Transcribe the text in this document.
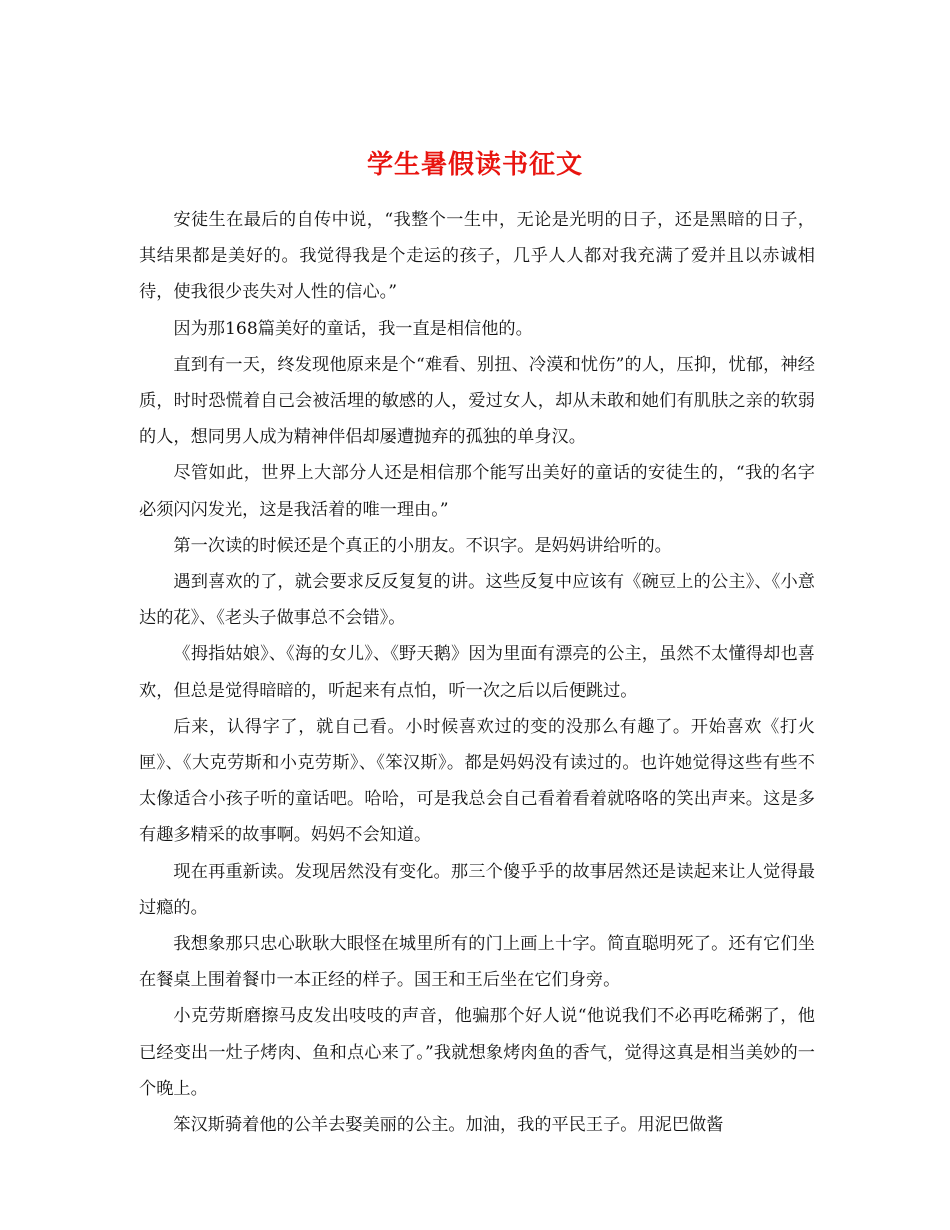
学生暑假读书征文

安徒生在最后的自传中说，“我整个一生中，无论是光明的日子，还是黑暗的日子，其结果都是美好的。我觉得我是个走运的孩子，几乎人人都对我充满了爱并且以赤诚相待，使我很少丧失对人性的信心。”

因为那168篇美好的童话，我一直是相信他的。

直到有一天，终发现他原来是个“难看、别扭、冷漠和忧伤”的人，压抑，忧郁，神经质，时时恐慌着自己会被活埋的敏感的人，爱过女人，却从未敢和她们有肌肤之亲的软弱的人，想同男人成为精神伴侣却屡遭抛弃的孤独的单身汉。

尽管如此，世界上大部分人还是相信那个能写出美好的童话的安徒生的，“我的名字必须闪闪发光，这是我活着的唯一理由。”

第一次读的时候还是个真正的小朋友。不识字。是妈妈讲给听的。

遇到喜欢的了，就会要求反反复复的讲。这些反复中应该有《碗豆上的公主》、《小意达的花》、《老头子做事总不会错》。

《拇指姑娘》、《海的女儿》、《野天鹅》因为里面有漂亮的公主，虽然不太懂得却也喜欢，但总是觉得暗暗的，听起来有点怕，听一次之后以后便跳过。

后来，认得字了，就自己看。小时候喜欢过的变的没那么有趣了。开始喜欢《打火匣》、《大克劳斯和小克劳斯》、《笨汉斯》。都是妈妈没有读过的。也许她觉得这些有些不太像适合小孩子听的童话吧。哈哈，可是我总会自己看着看着就咯咯的笑出声来。这是多有趣多精采的故事啊。妈妈不会知道。

现在再重新读。发现居然没有变化。那三个傻乎乎的故事居然还是读起来让人觉得最过瘾的。

我想象那只忠心耿耿大眼怪在城里所有的门上画上十字。简直聪明死了。还有它们坐在餐桌上围着餐巾一本正经的样子。国王和王后坐在它们身旁。

小克劳斯磨擦马皮发出吱吱的声音，他骗那个好人说“他说我们不必再吃稀粥了，他已经变出一灶子烤肉、鱼和点心来了。”我就想象烤肉鱼的香气，觉得这真是相当美妙的一个晚上。

笨汉斯骑着他的公羊去娶美丽的公主。加油，我的平民王子。用泥巴做酱
